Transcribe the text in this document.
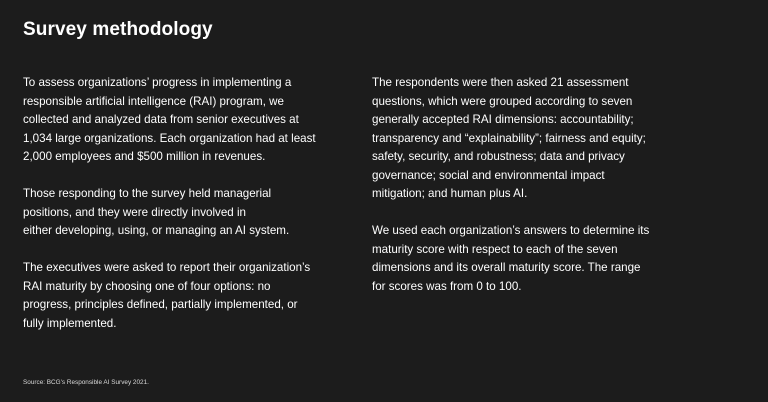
Survey methodology

To assess organizations’ progress in implementing a
responsible artificial intelligence (RAI) program, we
collected and analyzed data from senior executives at
1,034 large organizations. Each organization had at least
2,000 employees and $500 million in revenues.

Those responding to the survey held managerial
positions, and they were directly involved in
either developing, using, or managing an AI system.

The executives were asked to report their organization’s
RAI maturity by choosing one of four options: no
progress, principles defined, partially implemented, or
fully implemented.

The respondents were then asked 21 assessment
questions, which were grouped according to seven
generally accepted RAI dimensions: accountability;
transparency and “explainability”; fairness and equity;
safety, security, and robustness; data and privacy
governance; social and environmental impact
mitigation; and human plus AI.

We used each organization’s answers to determine its
maturity score with respect to each of the seven
dimensions and its overall maturity score. The range
for scores was from 0 to 100.

Source: BCG's Responsible AI Survey 2021.
